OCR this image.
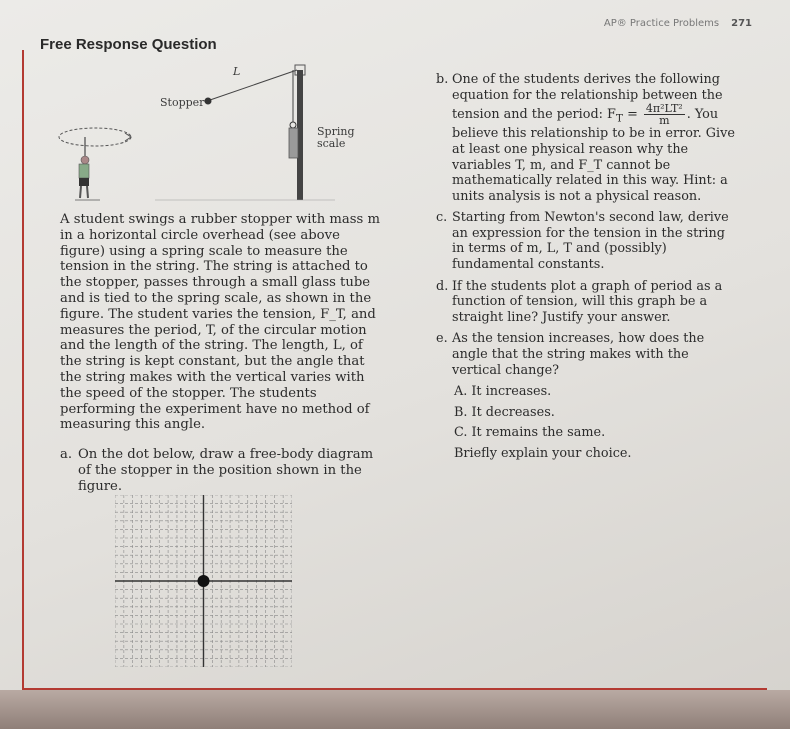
AP® Practice Problems 271
Free Response Question
L
Stopper
Spring
scale

A student swings a rubber stopper with mass m in a horizontal circle overhead (see above figure) using a spring scale to measure the tension in the string. The string is attached to the stopper, passes through a small glass tube and is tied to the spring scale, as shown in the figure. The student varies the tension, F_T, and measures the period, T, of the circular motion and the length of the string. The length, L, of the string is kept constant, but the angle that the string makes with the vertical varies with the speed of the stopper. The students performing the experiment have no method of measuring this angle.

a. On the dot below, draw a free-body diagram of the stopper in the position shown in the figure.
b. One of the students derives the following equation for the relationship between the tension and the period: $F_T = \frac{\text{4π²LT²}}{m}$ . You believe this relationship to be in error. Give at least one physical reason why the variables T, m, and F_T cannot be mathematically related in this way. Hint: a units analysis is not a physical reason.
c. Starting from Newton's second law, derive an expression for the tension in the string in terms of m, L, T and (possibly) fundamental constants.
d. If the students plot a graph of period as a function of tension, will this graph be a straight line? Justify your answer.
e. As the tension increases, how does the angle that the string makes with the vertical change?
A. It increases.
B. It decreases.
C. It remains the same.
Briefly explain your choice.
